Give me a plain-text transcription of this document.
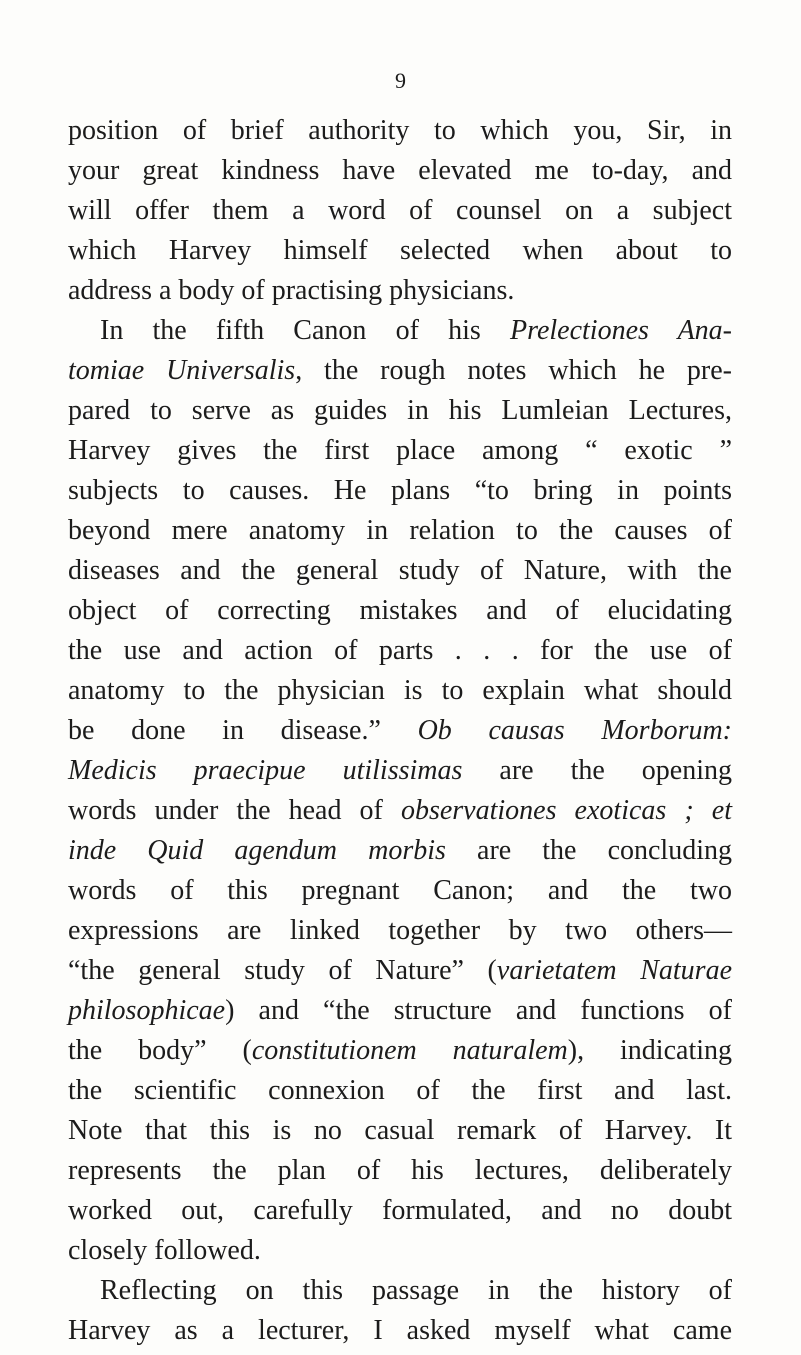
9
position of brief authority to which you, Sir, in
your great kindness have elevated me to-day, and
will offer them a word of counsel on a subject
which Harvey himself selected when about to
address a body of practising physicians.
In the fifth Canon of his Prelectiones Ana-
tomiae Universalis, the rough notes which he pre-
pared to serve as guides in his Lumleian Lectures,
Harvey gives the first place among “ exotic ”
subjects to causes. He plans “to bring in points
beyond mere anatomy in relation to the causes of
diseases and the general study of Nature, with the
object of correcting mistakes and of elucidating
the use and action of parts . . . for the use of
anatomy to the physician is to explain what should
be done in disease.” Ob causas Morborum:
Medicis praecipue utilissimas are the opening
words under the head of observationes exoticas ; et
inde Quid agendum morbis are the concluding
words of this pregnant Canon; and the two
expressions are linked together by two others—
“the general study of Nature” (varietatem Naturae
philosophicae) and “the structure and functions of
the body” (constitutionem naturalem), indicating
the scientific connexion of the first and last.
Note that this is no casual remark of Harvey. It
represents the plan of his lectures, deliberately
worked out, carefully formulated, and no doubt
closely followed.
Reflecting on this passage in the history of
Harvey as a lecturer, I asked myself what came
